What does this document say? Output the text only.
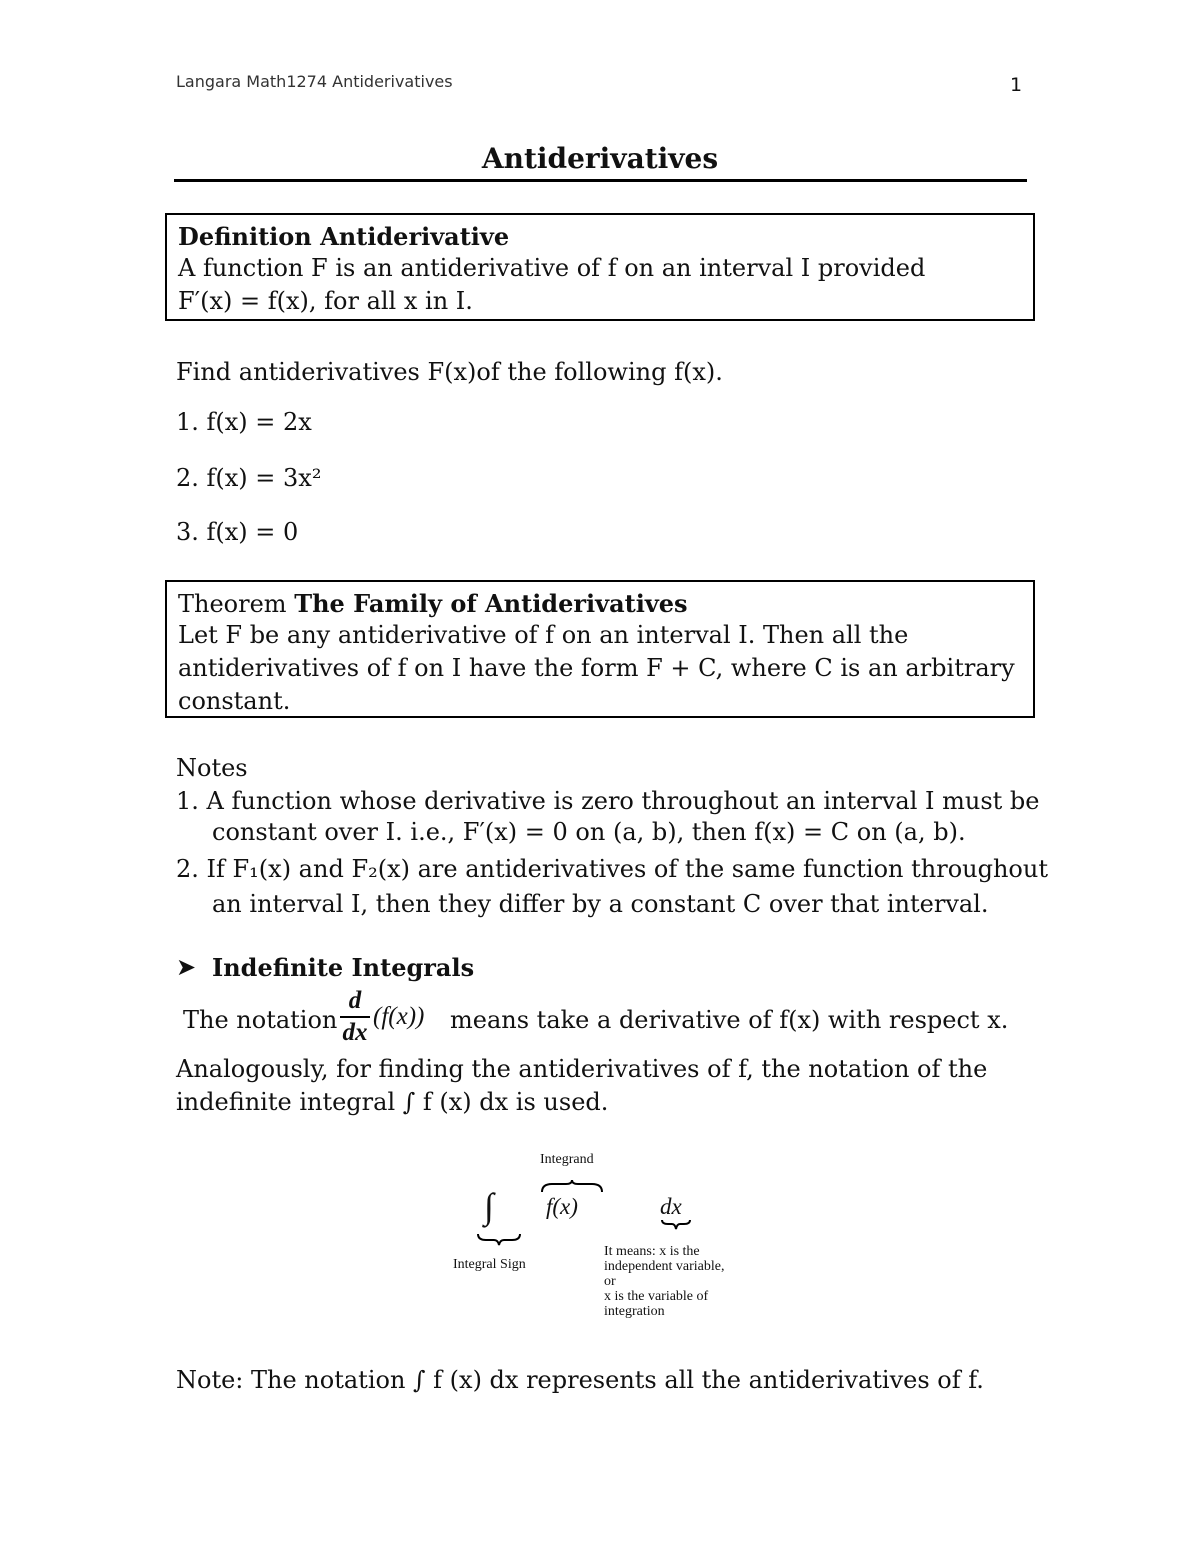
Langara Math1274 Antiderivatives	1
Antiderivatives
Definition Antiderivative
A function F is an antiderivative of f on an interval I provided
F′(x) = f(x), for all x in I.
Find antiderivatives F(x)of the following f(x).
1. f(x) = 2x
2. f(x) = 3x²
3. f(x) = 0
Theorem The Family of Antiderivatives
Let F be any antiderivative of f on an interval I. Then all the
antiderivatives of f on I have the form F + C, where C is an arbitrary
constant.
Notes
1. A function whose derivative is zero throughout an interval I must be
constant over I. i.e., F′(x) = 0 on (a, b), then f(x) = C on (a, b).
2. If F₁(x) and F₂(x) are antiderivatives of the same function throughout
an interval I, then they differ by a constant C over that interval.
➤ Indefinite Integrals
The notation
d
dx
(f(x)) means take a derivative of f(x) with respect x.
Analogously, for finding the antiderivatives of f, the notation of the
indefinite integral ∫ f (x) dx is used.
Integrand
∫ f(x)	dx
Integral Sign
It means: x is the
independent variable,
or
x is the variable of
integration
Note: The notation ∫ f (x) dx represents all the antiderivatives of f.
